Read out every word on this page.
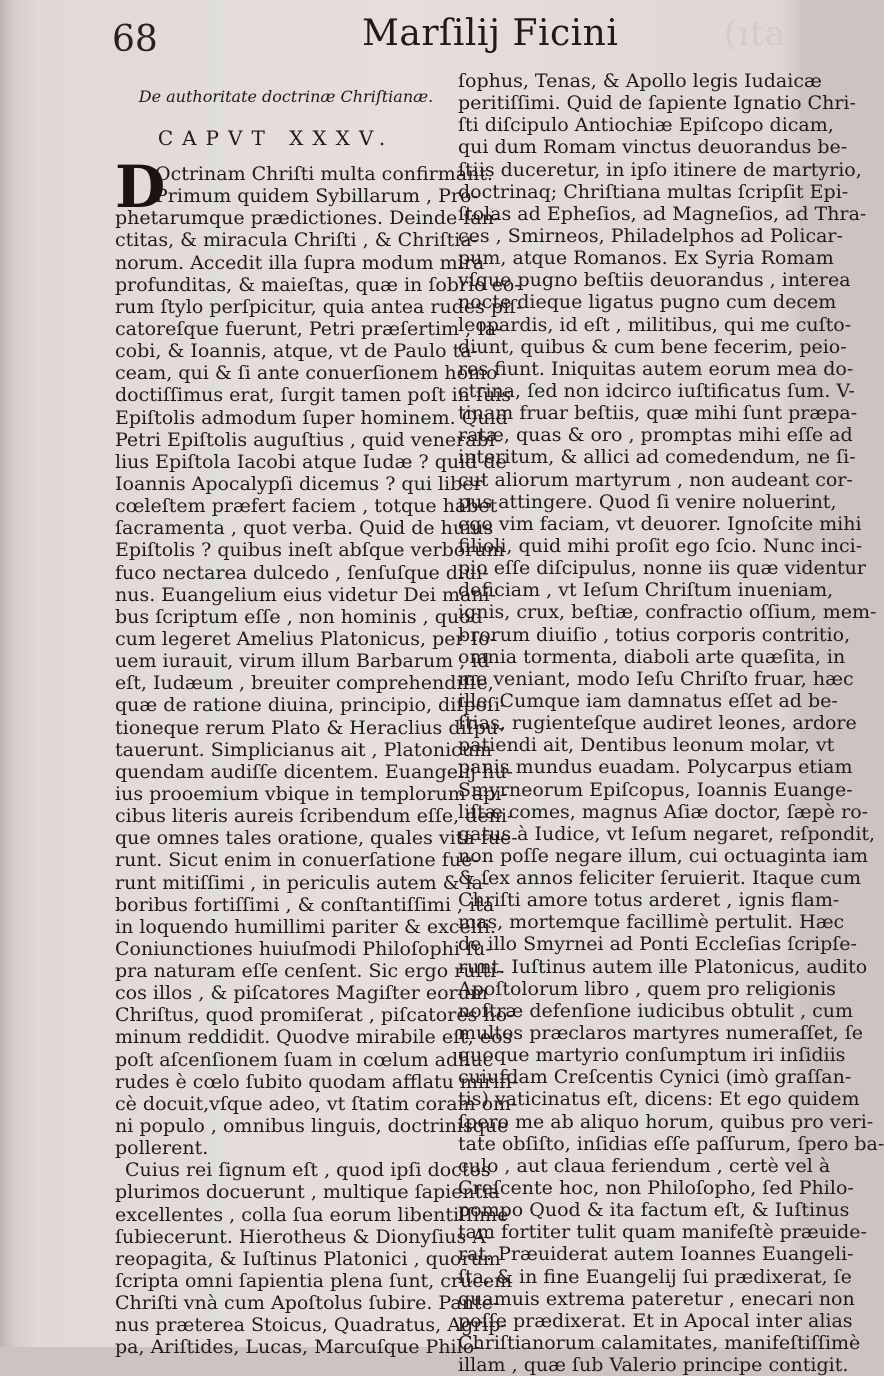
(ıta
68	Marſilij Ficini
De authoritate doctrinæ Chriſtianæ.
CAPVT XXXV.
D
Octrinam Chriſti multa confirmant.
Primum quidem Sybillarum , Pro-
phetarumque prædictiones. Deinde ſan-
ctitas, & miracula Chriſti , & Chriſtia-
norum. Accedit illa ſupra modum mira
profunditas, & maieſtas, quæ in ſobrio eo-
rum ſtylo perſpicitur, quia antea rudes piſ-
catoreſque fuerunt, Petri præſertim , Ia-
cobi, & Ioannis, atque, vt de Paulo ta-
ceam, qui & ſi ante conuerſionem homo
doctiſſimus erat, ſurgit tamen poſt in ſuis
Epiſtolis admodum ſuper hominem. Quid
Petri Epiſtolis auguſtius , quid venerabi-
lius Epiſtola Iacobi atque Iudæ ? quid de
Ioannis Apocalypſi dicemus ? qui liber
cœleſtem præfert faciem , totque habet
ſacramenta , quot verba. Quid de huius
Epiſtolis ? quibus ineſt abſque verborum
fuco nectarea dulcedo , ſenſuſque diui-
nus. Euangelium eius videtur Dei mani-
bus ſcriptum eſſe , non hominis , quod
cum legeret Amelius Platonicus, per Io-
uem iurauit, virum illum Barbarum , id
eſt, Iudæum , breuiter comprehendiſſe,
quæ de ratione diuina, principio, diſpoſi-
tioneque rerum Plato & Heraclius diſpu-
tauerunt. Simplicianus ait , Platonicum
quendam audiſſe dicentem. Euangelij hu-
ius prooemium vbique in templorum api-
cibus literis aureis ſcribendum eſſe, deni-
que omnes tales oratione, quales vita fue-
runt. Sicut enim in conuerſatione fue-
runt mitiſſimi , in periculis autem & la-
boribus fortiſſimi , & conſtantiſſimi , ita
in loquendo humillimi pariter & excelſi.
Coniunctiones huiuſmodi Philoſophi ſu-
pra naturam eſſe cenſent. Sic ergo ruſti-
cos illos , & piſcatores Magiſter eorum
Chriſtus, quod promiſerat , piſcatores ho-
minum reddidit. Quodve mirabile eſt, eos
poſt aſcenſionem ſuam in cœlum adhuc
rudes è cœlo ſubito quodam afflatu mirifi-
cè docuit,vſque adeo, vt ſtatim coram om-
ni populo , omnibus linguis, doctrinisque
pollerent.
Cuius rei ſignum eſt , quod ipſi doctos
plurimos docuerunt , multique ſapientia
excellentes , colla ſua eorum libentiſſime
ſubiecerunt. Hierotheus & Dionyſius A-
reopagita, & Iuſtinus Platonici , quorum
ſcripta omni ſapientia plena ſunt, crucem
Chriſti vnà cum Apoſtolus ſubire. Pante-
nus præterea Stoicus, Quadratus, Agrip-
pa, Ariſtides, Lucas, Marcuſque Philo-
ſophus, Tenas, & Apollo legis Iudaicæ
peritiſſimi. Quid de ſapiente Ignatio Chri-
ſti diſcipulo Antiochiæ Epiſcopo dicam,
qui dum Romam vinctus deuorandus be-
ſtiis duceretur, in ipſo itinere de martyrio,
doctrinaq; Chriſtiana multas ſcripſit Epi-
ſtolas ad Epheſios, ad Magneſios, ad Thra-
ces , Smirneos, Philadelphos ad Policar-
pum, atque Romanos. Ex Syria Romam
vſque pugno beſtiis deuorandus , interea
nocte dieque ligatus pugno cum decem
leopardis, id eſt , militibus, qui me cuſto-
diunt, quibus & cum bene fecerim, peio-
res fiunt. Iniquitas autem eorum mea do-
ctrina, ſed non idcirco iuſtificatus ſum. V-
tinam fruar beſtiis, quæ mihi ſunt præpa-
ratæ, quas & oro , promptas mihi eſſe ad
interitum, & allici ad comedendum, ne ſi-
cut aliorum martyrum , non audeant cor-
pus attingere. Quod ſi venire noluerint,
ego vim faciam, vt deuorer. Ignoſcite mihi
filioli, quid mihi proſit ego ſcio. Nunc inci-
pio eſſe diſcipulus, nonne iis quæ videntur
deficiam , vt Ieſum Chriſtum inueniam,
ignis, crux, beſtiæ, confractio oſſium, mem-
brorum diuiſio , totius corporis contritio,
omnia tormenta, diaboli arte quæſita, in
me veniant, modo Ieſu Chriſto fruar, hæc
ille. Cumque iam damnatus eſſet ad be-
ſtias, rugienteſque audiret leones, ardore
patiendi ait, Dentibus leonum molar, vt
panis mundus euadam. Polycarpus etiam
Smyrneorum Epiſcopus, Ioannis Euange-
liſtæ comes, magnus Aſiæ doctor, ſæpè ro-
gatus à Iudice, vt Ieſum negaret, reſpondit,
non poſſe negare illum, cui octuaginta iam
& ſex annos feliciter ſeruierit. Itaque cum
Chriſti amore totus arderet , ignis flam-
mas, mortemque facillimè pertulit. Hæc
de illo Smyrnei ad Ponti Eccleſias ſcripſe-
runt. Iuſtinus autem ille Platonicus, audito
Apoſtolorum libro , quem pro religionis
noſtræ defenſione iudicibus obtulit , cum
multos præclaros martyres numeraſſet, ſe
quoque martyrio conſumptum iri inſidiis
cuiuſdam Creſcentis Cynici (imò graſſan-
tis) vaticinatus eſt, dicens: Et ego quidem
ſpero me ab aliquo horum, quibus pro veri-
tate obſiſto, inſidias eſſe paſſurum, ſpero ba-
culo , aut claua feriendum , certè vel à
Creſcente hoc, non Philoſopho, ſed Philo-
pompo Quod & ita factum eſt, & Iuſtinus
tam fortiter tulit quam manifeſtè præuide-
rat. Præuiderat autem Ioannes Euangeli-
ſta, & in fine Euangelij ſui prædixerat, ſe
quamuis extrema pateretur , enecari non
poſſe prædixerat. Et in Apocal inter alias
Chriſtianorum calamitates, manifeſtiſſimè
illam , quæ ſub Valerio principe contigit.
